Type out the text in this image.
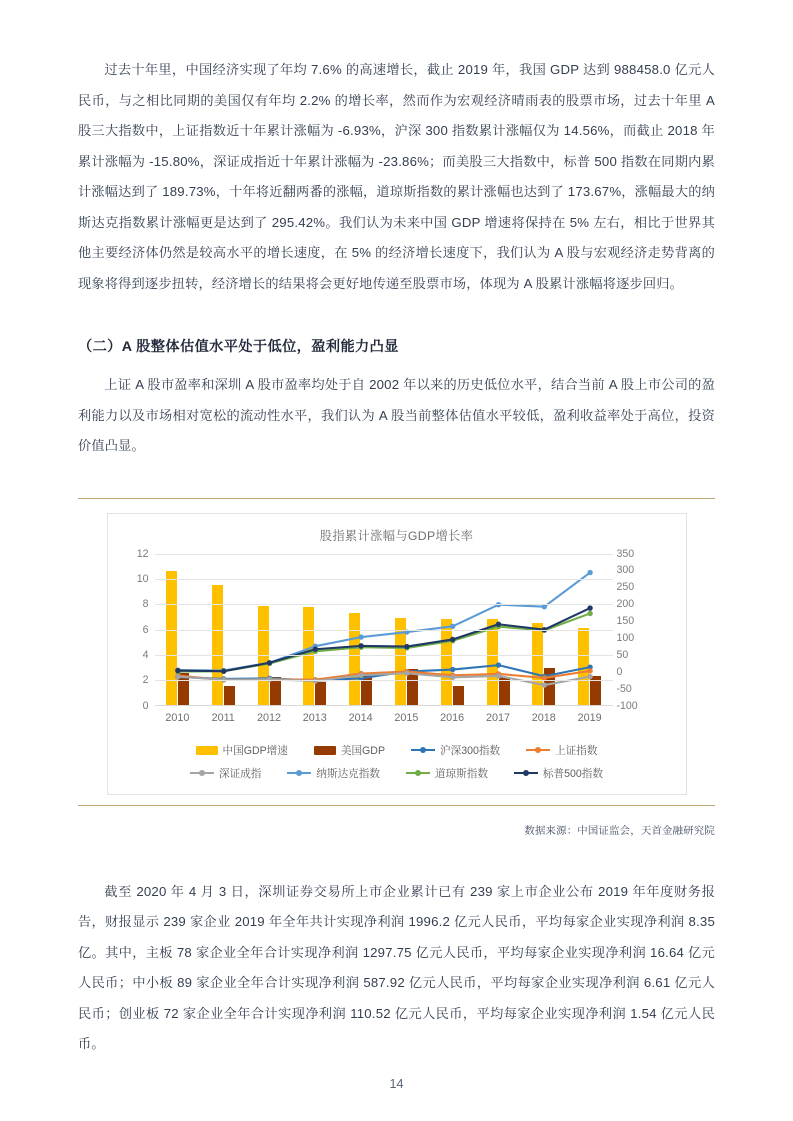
过去十年里，中国经济实现了年均 7.6% 的高速增长，截止 2019 年，我国 GDP 达到 988458.0 亿元人民币，与之相比同期的美国仅有年均 2.2% 的增长率，然而作为宏观经济晴雨表的股票市场，过去十年里 A 股三大指数中，上证指数近十年累计涨幅为 -6.93%，沪深 300 指数累计涨幅仅为 14.56%，而截止 2018 年累计涨幅为 -15.80%，深证成指近十年累计涨幅为 -23.86%；而美股三大指数中，标普 500 指数在同期内累计涨幅达到了 189.73%，十年将近翻两番的涨幅，道琼斯指数的累计涨幅也达到了 173.67%，涨幅最大的纳斯达克指数累计涨幅更是达到了 295.42%。我们认为未来中国 GDP 增速将保持在 5% 左右，相比于世界其他主要经济体仍然是较高水平的增长速度，在 5% 的经济增长速度下，我们认为 A 股与宏观经济走势背离的现象将得到逐步扭转，经济增长的结果将会更好地传递至股票市场，体现为 A 股累计涨幅将逐步回归。

（二）A 股整体估值水平处于低位，盈利能力凸显

上证 A 股市盈率和深圳 A 股市盈率均处于自 2002 年以来的历史低位水平，结合当前 A 股上市公司的盈利能力以及市场相对宽松的流动性水平，我们认为 A 股当前整体估值水平较低，盈利收益率处于高位，投资价值凸显。

股指累计涨幅与GDP增长率
0
2
4
6
8
10
12
-100
-50
0
50
100
150
200
250
300
350
2010 2011 2012 2013 2014 2015 2016 2017 2018 2019
中国GDP增速	美国GDP	沪深300指数	上证指数
深证成指	纳斯达克指数	道琼斯指数	标普500指数
数据来源：中国证监会，天首金融研究院

截至 2020 年 4 月 3 日，深圳证券交易所上市企业累计已有 239 家上市企业公布 2019 年年度财务报告，财报显示 239 家企业 2019 年全年共计实现净利润 1996.2 亿元人民币，平均每家企业实现净利润 8.35 亿。其中，主板 78 家企业全年合计实现净利润 1297.75 亿元人民币，平均每家企业实现净利润 16.64 亿元人民币；中小板 89 家企业全年合计实现净利润 587.92 亿元人民币，平均每家企业实现净利润 6.61 亿元人民币；创业板 72 家企业全年合计实现净利润 110.52 亿元人民币，平均每家企业实现净利润 1.54 亿元人民币。

14
